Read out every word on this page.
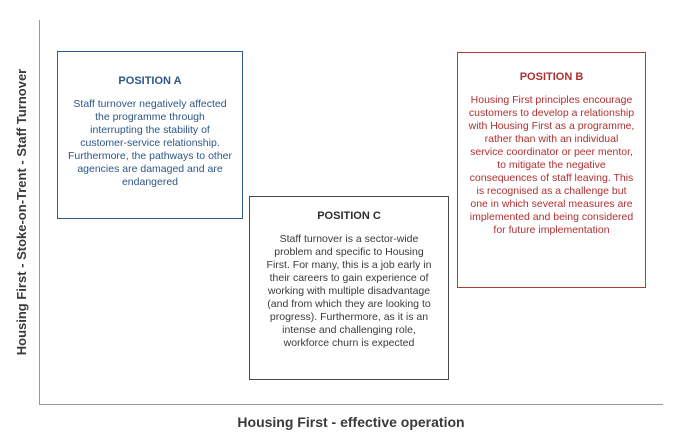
Housing First - Stoke-on-Trent - Staff Turnover
Housing First - effective operation
POSITION A
Staff turnover negatively affected the programme through interrupting the stability of customer-service relationship. Furthermore, the pathways to other agencies are damaged and are endangered
POSITION B
Housing First principles encourage customers to develop a relationship with Housing First as a programme, rather than with an individual service coordinator or peer mentor, to mitigate the negative consequences of staff leaving. This is recognised as a challenge but one in which several measures are implemented and being considered for future implementation
POSITION C
Staff turnover is a sector-wide problem and specific to Housing First. For many, this is a job early in their careers to gain experience of working with multiple disadvantage (and from which they are looking to progress). Furthermore, as it is an intense and challenging role, workforce churn is expected
